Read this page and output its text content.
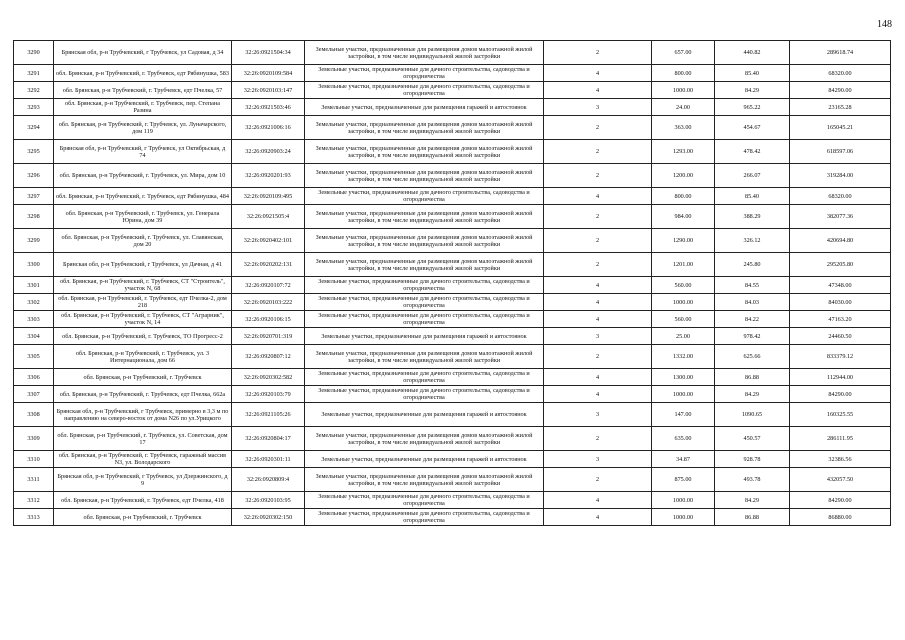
148
3290	Брянская обл, р-н Трубчевский, г Трубчевск, ул Садовая, д 34	32:26:0921504:34	Земельные участки, предназначенные для размещения домов малоэтажной жилой застройки, в том числе индивидуальной жилой застройки	2	657.00	440.82	289618.74
3291	обл. Брянская, р-н Трубчевский, г. Трубчевск, едт Рябинушка, 583	32:26:0920109:584	Земельные участки, предназначенные для дачного строительства, садоводства и огородничества	4	800.00	85.40	68320.00
3292	обл. Брянская, р-н Трубчевский, г. Трубчевск, едт Пчелка, 57	32:26:0920103:147	Земельные участки, предназначенные для дачного строительства, садоводства и огородничества	4	1000.00	84.29	84290.00
3293	обл. Брянская, р-н Трубчевский, г. Трубчевск, пер. Степана Разина	32:26:0921503:46	Земельные участки, предназначенные для размещения гаражей и автостоянок	3	24.00	965.22	23165.28
3294	обл. Брянская, р-н Трубчевский, г. Трубчевск, ул. Луначарского, дом 119	32:26:0921006:16	Земельные участки, предназначенные для размещения домов малоэтажной жилой застройки, в том числе индивидуальной жилой застройки	2	363.00	454.67	165045.21
3295	Брянская обл, р-н Трубчевский, г Трубчевск, ул Октябрьская, д 74	32:26:0920903:24	Земельные участки, предназначенные для размещения домов малоэтажной жилой застройки, в том числе индивидуальной жилой застройки	2	1293.00	478.42	618597.06
3296	обл. Брянская, р-н Трубчевский, г. Трубчевск, ул. Мира, дом 10	32:26:0920201:93	Земельные участки, предназначенные для размещения домов малоэтажной жилой застройки, в том числе индивидуальной жилой застройки	2	1200.00	266.07	319284.00
3297	обл. Брянская, р-н Трубчевский, г. Трубчевск, едт Рябинушка, 484	32:26:0920109:495	Земельные участки, предназначенные для дачного строительства, садоводства и огородничества	4	800.00	85.40	68320.00
3298	обл. Брянская, р-н Трубчевский, г. Трубчевск, ул. Генерала Юрина, дом 39	32:26:0921505:4	Земельные участки, предназначенные для размещения домов малоэтажной жилой застройки, в том числе индивидуальной жилой застройки	2	984.00	388.29	382077.36
3299	обл. Брянская, р-н Трубчевский, г. Трубчевск, ул. Славянская, дом 20	32:26:0920402:101	Земельные участки, предназначенные для размещения домов малоэтажной жилой застройки, в том числе индивидуальной жилой застройки	2	1290.00	326.12	420694.80
3300	Брянская обл, р-н Трубчевский, г Трубчевск, ул Дачная, д 41	32:26:0920202:131	Земельные участки, предназначенные для размещения домов малоэтажной жилой застройки, в том числе индивидуальной жилой застройки	2	1201.00	245.80	295205.80
3301	обл. Брянская, р-н Трубчевский, г. Трубчевск, СТ "Строитель", участок N, 68	32:26:0920107:72	Земельные участки, предназначенные для дачного строительства, садоводства и огородничества	4	560.00	84.55	47348.00
3302	обл. Брянская, р-н Трубчевский, г. Трубчевск, едт Пчелка-2, дом 218	32:26:0920103:222	Земельные участки, предназначенные для дачного строительства, садоводства и огородничества	4	1000.00	84.03	84030.00
3303	обл. Брянская, р-н Трубчевский, г. Трубчевск, СТ "Аграрник", участок N, 14	32:26:0920106:15	Земельные участки, предназначенные для дачного строительства, садоводства и огородничества	4	560.00	84.22	47163.20
3304	обл. Брянская, р-н Трубчевский, г. Трубчевск, ТО Прогресс-2	32:26:0920701:319	Земельные участки, предназначенные для размещения гаражей и автостоянок	3	25.00	978.42	24460.50
3305	обл. Брянская, р-н Трубчевский, г. Трубчевск, ул. 3 Интернационала, дом 66	32:26:0920807:12	Земельные участки, предназначенные для размещения домов малоэтажной жилой застройки, в том числе индивидуальной жилой застройки	2	1332.00	625.66	833379.12
3306	обл. Брянская, р-н Трубчевский, г. Трубчевск	32:26:0920302:582	Земельные участки, предназначенные для дачного строительства, садоводства и огородничества	4	1300.00	86.88	112944.00
3307	обл. Брянская, р-н Трубчевский, г. Трубчевск, едт Пчелка, 662а	32:26:0920103:79	Земельные участки, предназначенные для дачного строительства, садоводства и огородничества	4	1000.00	84.29	84290.00
3308	Брянская обл, р-н Трубчевский, г Трубчевск, примерно в 3,3 м по направлению на северо-восток от дома N26 по ул.Урицкого	32:26:0921105:26	Земельные участки, предназначенные для размещения гаражей и автостоянок	3	147.00	1090.65	160325.55
3309	обл. Брянская, р-н Трубчевский, г. Трубчевск, ул. Советская, дом 17	32:26:0920804:17	Земельные участки, предназначенные для размещения домов малоэтажной жилой застройки, в том числе индивидуальной жилой застройки	2	635.00	450.57	286111.95
3310	обл. Брянская, р-н Трубчевский, г. Трубчевск, гаражный массив N3, ул. Володарского	32:26:0920301:11	Земельные участки, предназначенные для размещения гаражей и автостоянок	3	34.87	928.78	32386.56
3311	Брянская обл, р-н Трубчевский, г Трубчевск, ул Дзержинского, д 9	32:26:0920809:4	Земельные участки, предназначенные для размещения домов малоэтажной жилой застройки, в том числе индивидуальной жилой застройки	2	875.00	493.78	432057.50
3312	обл. Брянская, р-н Трубчевский, г. Трубчевск, едт Пчелка, 418	32:26:0920103:95	Земельные участки, предназначенные для дачного строительства, садоводства и огородничества	4	1000.00	84.29	84290.00
3313	обл. Брянская, р-н Трубчевский, г. Трубчевск	32:26:0920302:150	Земельные участки, предназначенные для дачного строительства, садоводства и огородничества	4	1000.00	86.88	86880.00
